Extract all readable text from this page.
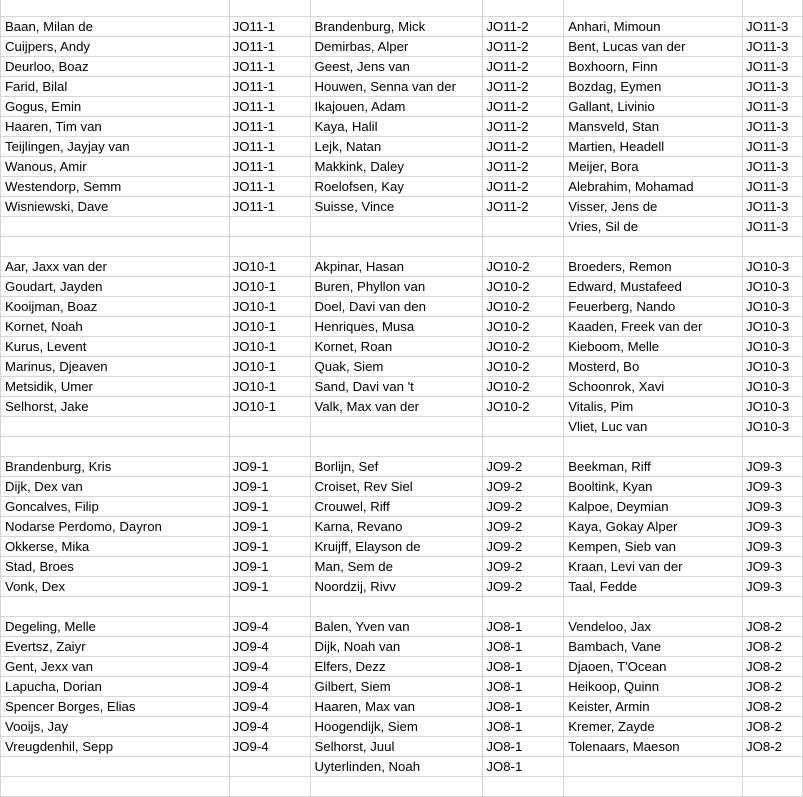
Baan, Milan de	JO11-1	Brandenburg, Mick	JO11-2	Anhari, Mimoun	JO11-3
Cuijpers, Andy	JO11-1	Demirbas, Alper	JO11-2	Bent, Lucas van der	JO11-3
Deurloo, Boaz	JO11-1	Geest, Jens van	JO11-2	Boxhoorn, Finn	JO11-3
Farid, Bilal	JO11-1	Houwen, Senna van der	JO11-2	Bozdag, Eymen	JO11-3
Gogus, Emin	JO11-1	Ikajouen, Adam	JO11-2	Gallant, Livinio	JO11-3
Haaren, Tim van	JO11-1	Kaya, Halil	JO11-2	Mansveld, Stan	JO11-3
Teijlingen, Jayjay van	JO11-1	Lejk, Natan	JO11-2	Martien, Headell	JO11-3
Wanous, Amir	JO11-1	Makkink, Daley	JO11-2	Meijer, Bora	JO11-3
Westendorp, Semm	JO11-1	Roelofsen, Kay	JO11-2	Alebrahim, Mohamad	JO11-3
Wisniewski, Dave	JO11-1	Suisse, Vince	JO11-2	Visser, Jens de	JO11-3
				Vries, Sil de	JO11-3

Aar, Jaxx van der	JO10-1	Akpinar, Hasan	JO10-2	Broeders, Remon	JO10-3
Goudart, Jayden	JO10-1	Buren, Phyllon van	JO10-2	Edward, Mustafeed	JO10-3
Kooijman, Boaz	JO10-1	Doel, Davi van den	JO10-2	Feuerberg, Nando	JO10-3
Kornet, Noah	JO10-1	Henriques, Musa	JO10-2	Kaaden, Freek van der	JO10-3
Kurus, Levent	JO10-1	Kornet, Roan	JO10-2	Kieboom, Melle	JO10-3
Marinus, Djeaven	JO10-1	Quak, Siem	JO10-2	Mosterd, Bo	JO10-3
Metsidik, Umer	JO10-1	Sand, Davi van 't	JO10-2	Schoonrok, Xavi	JO10-3
Selhorst, Jake	JO10-1	Valk, Max van der	JO10-2	Vitalis, Pim	JO10-3
				Vliet, Luc van	JO10-3

Brandenburg, Kris	JO9-1	Borlijn, Sef	JO9-2	Beekman, Riff	JO9-3
Dijk, Dex van	JO9-1	Croiset, Rev Siel	JO9-2	Booltink, Kyan	JO9-3
Goncalves, Filip	JO9-1	Crouwel, Riff	JO9-2	Kalpoe, Deymian	JO9-3
Nodarse Perdomo, Dayron	JO9-1	Karna, Revano	JO9-2	Kaya, Gokay Alper	JO9-3
Okkerse, Mika	JO9-1	Kruijff, Elayson de	JO9-2	Kempen, Sieb van	JO9-3
Stad, Broes	JO9-1	Man, Sem de	JO9-2	Kraan, Levi van der	JO9-3
Vonk, Dex	JO9-1	Noordzij, Rivv	JO9-2	Taal, Fedde	JO9-3

Degeling, Melle	JO9-4	Balen, Yven van	JO8-1	Vendeloo, Jax	JO8-2
Evertsz, Zaiyr	JO9-4	Dijk, Noah van	JO8-1	Bambach, Vane	JO8-2
Gent, Jexx van	JO9-4	Elfers, Dezz	JO8-1	Djaoen, T'Ocean	JO8-2
Lapucha, Dorian	JO9-4	Gilbert, Siem	JO8-1	Heikoop, Quinn	JO8-2
Spencer Borges, Elias	JO9-4	Haaren, Max van	JO8-1	Keister, Armin	JO8-2
Vooijs, Jay	JO9-4	Hoogendijk, Siem	JO8-1	Kremer, Zayde	JO8-2
Vreugdenhil, Sepp	JO9-4	Selhorst, Juul	JO8-1	Tolenaars, Maeson	JO8-2
		Uyterlinden, Noah	JO8-1		
